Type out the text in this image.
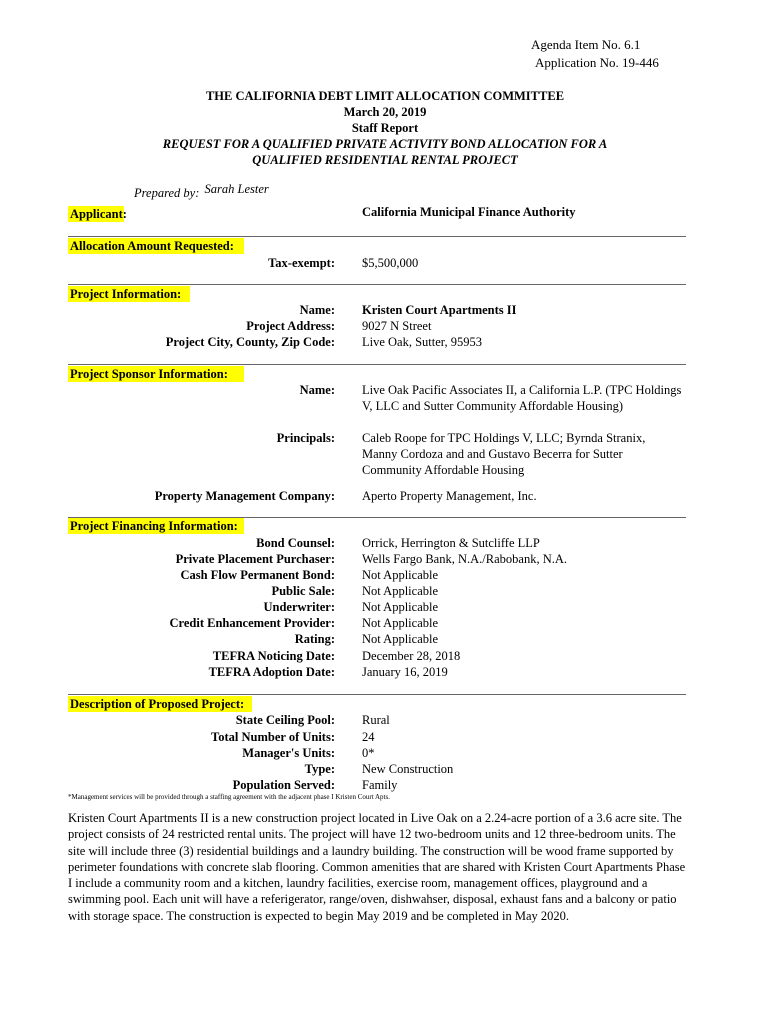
Agenda Item No. 6.1
Application No. 19-446
THE CALIFORNIA DEBT LIMIT ALLOCATION COMMITTEE
March 20, 2019
Staff Report
REQUEST FOR A QUALIFIED PRIVATE ACTIVITY BOND ALLOCATION FOR A
QUALIFIED RESIDENTIAL RENTAL PROJECT
Prepared by: Sarah Lester
Applicant:	California Municipal Finance Authority
Allocation Amount Requested:
Tax-exempt: $5,500,000
Project Information:
Name: Kristen Court Apartments II
Project Address: 9027 N Street
Project City, County, Zip Code: Live Oak, Sutter, 95953
Project Sponsor Information:
Name: Live Oak Pacific Associates II, a California L.P. (TPC Holdings V, LLC and Sutter Community Affordable Housing)
Principals: Caleb Roope for TPC Holdings V, LLC; Byrnda Stranix, Manny Cordoza and and Gustavo Becerra for Sutter Community Affordable Housing
Property Management Company: Aperto Property Management, Inc.
Project Financing Information:
Bond Counsel: Orrick, Herrington & Sutcliffe LLP
Private Placement Purchaser: Wells Fargo Bank, N.A./Rabobank, N.A.
Cash Flow Permanent Bond: Not Applicable
Public Sale: Not Applicable
Underwriter: Not Applicable
Credit Enhancement Provider: Not Applicable
Rating: Not Applicable
TEFRA Noticing Date: December 28, 2018
TEFRA Adoption Date: January 16, 2019
Description of Proposed Project:
State Ceiling Pool: Rural
Total Number of Units: 24
Manager's Units: 0*
Type: New Construction
Population Served: Family
*Management services will be provided through a staffing agreement with the adjacent phase I Kristen Court Apts.
Kristen Court Apartments II is a new construction project located in Live Oak on a 2.24-acre portion of a 3.6 acre site. The project consists of 24 restricted rental units. The project will have 12 two-bedroom units and 12 three-bedroom units. The site will include three (3) residential buildings and a laundry building. The construction will be wood frame supported by perimeter foundations with concrete slab flooring. Common amenities that are shared with Kristen Court Apartments Phase I include a community room and a kitchen, laundry facilities, exercise room, management offices, playground and a swimming pool. Each unit will have a referigerator, range/oven, dishwahser, disposal, exhaust fans and a balcony or patio with storage space. The construction is expected to begin May 2019 and be completed in May 2020.
